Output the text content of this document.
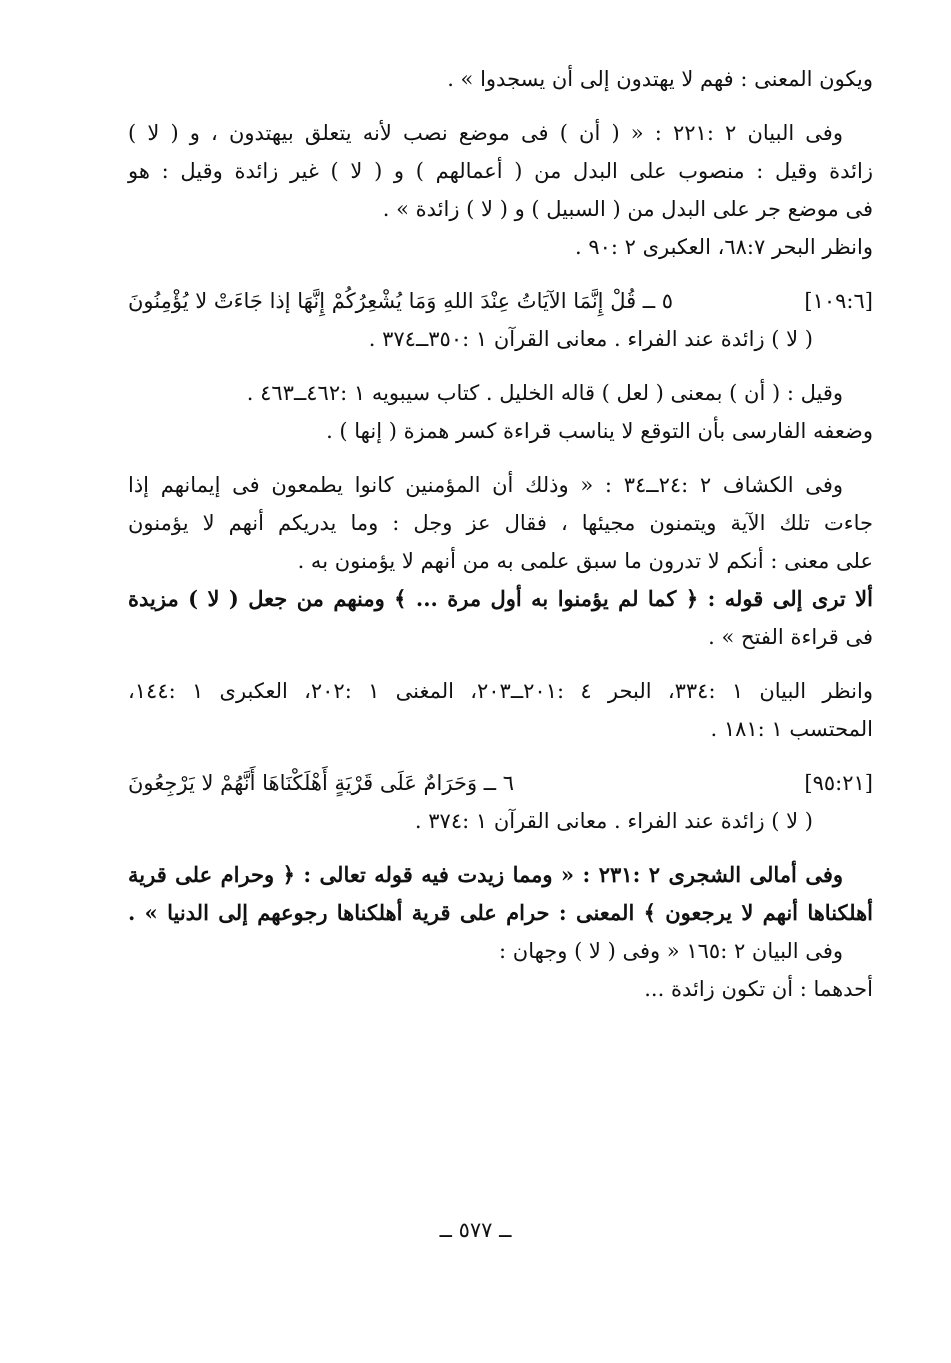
ويكون المعنى : فهم لا يهتدون إلى أن يسجدوا » .
وفى البيان ٢ :٢٢١ : « ( أن ) فى موضع نصب لأنه يتعلق بيهتدون ، و ( لا )
زائدة وقيل : منصوب على البدل من ( أعمالهم ) و ( لا ) غير زائدة وقيل : هو
فى موضع جر على البدل من ( السبيل ) و ( لا ) زائدة » .
وانظر البحر ٦٨:٧، العكبرى ٢ :٩٠ .
٥ ــ قُلْ إِنَّمَا الآيَاتُ عِنْدَ اللهِ وَمَا يُشْعِرُكُمْ إِنَّهَا إذا جَاءَتْ لا يُؤْمِنُونَ	[١٠٩:٦]
( لا ) زائدة عند الفراء . معانى القرآن ١ :٣٥٠ــ٣٧٤ .
وقيل : ( أن ) بمعنى ( لعل ) قاله الخليل . كتاب سيبويه ١ :٤٦٢ــ٤٦٣ .
وضعفه الفارسى بأن التوقع لا يناسب قراءة كسر همزة ( إنها ) .
وفى الكشاف ٢ :٢٤ــ٣٤ : « وذلك أن المؤمنين كانوا يطمعون فى إيمانهم إذا
جاءت تلك الآية ويتمنون مجيئها ، فقال عز وجل : وما يدريكم أنهم لا يؤمنون
على معنى : أنكم لا تدرون ما سبق علمى به من أنهم لا يؤمنون به .
ألا ترى إلى قوله : ﴿ كما لم يؤمنوا به أول مرة ... ﴾ ومنهم من جعل ( لا ) مزيدة
فى قراءة الفتح » .
وانظر البيان ١ :٣٣٤، البحر ٤ :٢٠١ــ٢٠٣، المغنى ١ :٢٠٢، العكبرى ١ :١٤٤،
المحتسب ١ :١٨١ .
٦ ــ وَحَرَامٌ عَلَى قَرْيَةٍ أَهْلَكْنَاهَا أَنَّهُمْ لا يَرْجِعُونَ	[٩٥:٢١]
( لا ) زائدة عند الفراء . معانى القرآن ١ :٣٧٤ .
وفى أمالى الشجرى ٢ :٢٣١ : « ومما زيدت فيه قوله تعالى : ﴿ وحرام على قرية
أهلكناها أنهم لا يرجعون ﴾ المعنى : حرام على قرية أهلكناها رجوعهم إلى الدنيا » .
وفى البيان ٢ :١٦٥ « وفى ( لا ) وجهان :
أحدهما : أن تكون زائدة ...
ــ ٥٧٧ ــ
